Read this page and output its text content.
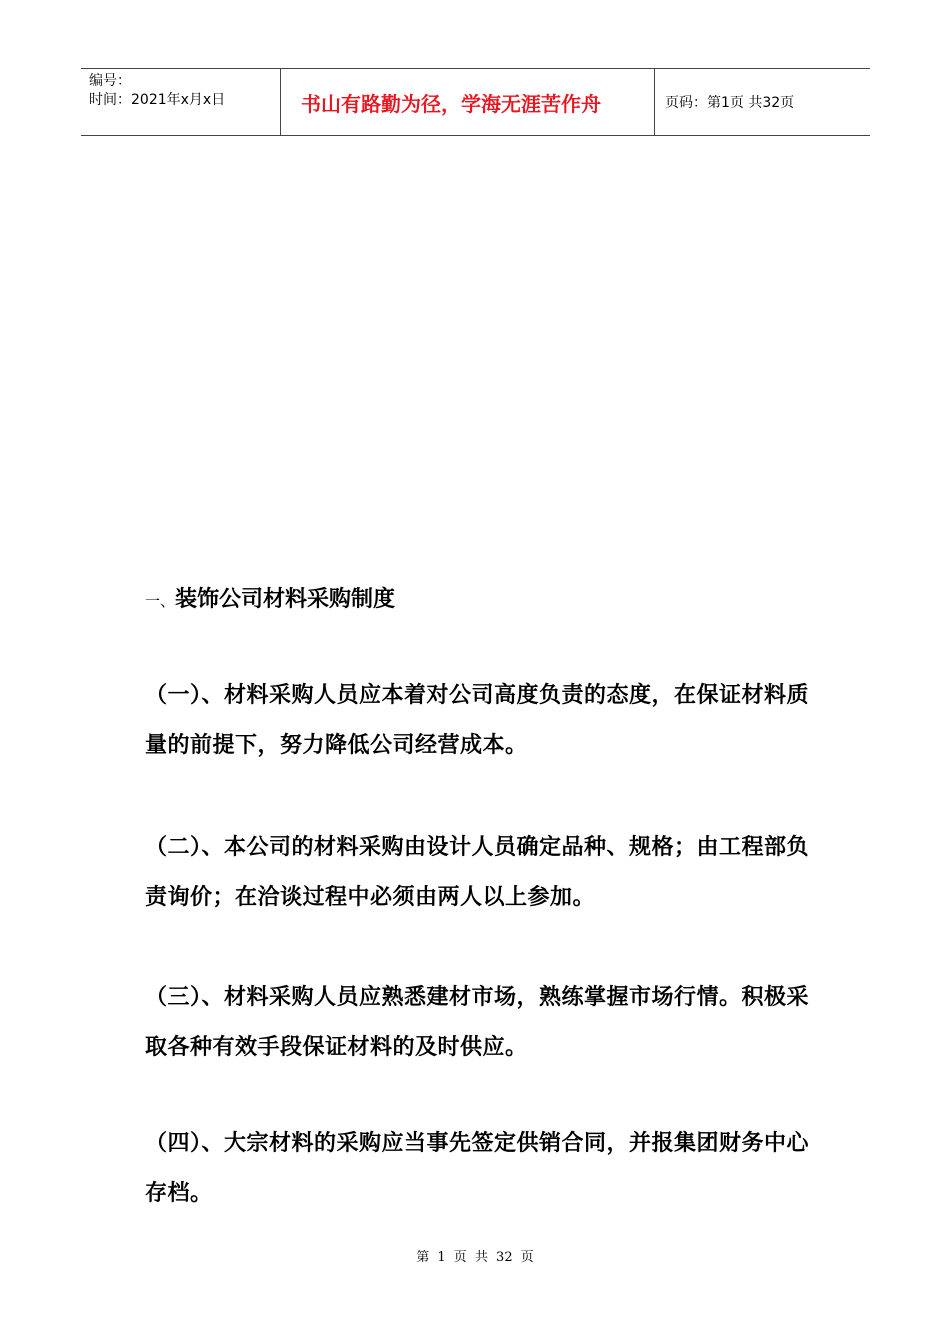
编号：
时间：2021年x月x日	书山有路勤为径，学海无涯苦作舟	页码：第1页 共32页
一、装饰公司材料采购制度
（一）、材料采购人员应本着对公司高度负责的态度，在保证材料质量的前提下，努力降低公司经营成本。
（二）、本公司的材料采购由设计人员确定品种、规格；由工程部负责询价；在洽谈过程中必须由两人以上参加。
（三）、材料采购人员应熟悉建材市场，熟练掌握市场行情。积极采取各种有效手段保证材料的及时供应。
（四）、大宗材料的采购应当事先签定供销合同，并报集团财务中心存档。
第 1 页 共 32 页
